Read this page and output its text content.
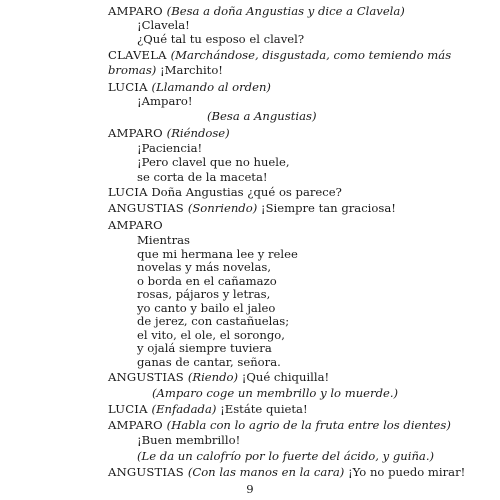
AMPARO (Besa a doña Angustias y dice a Clavela)
¡Clavela!
¿Qué tal tu esposo el clavel?
CLAVELA (Marchándose, disgustada, como temiendo más
bromas) ¡Marchito!
LUCIA (Llamando al orden)
¡Amparo!
(Besa a Angustias)
AMPARO (Riéndose)
¡Paciencia!
¡Pero clavel que no huele,
se corta de la maceta!
LUCIA Doña Angustias ¿qué os parece?
ANGUSTIAS (Sonriendo) ¡Siempre tan graciosa!
AMPARO
Mientras
que mi hermana lee y relee
novelas y más novelas,
o borda en el cañamazo
rosas, pájaros y letras,
yo canto y bailo el jaleo
de jerez, con castañuelas;
el vito, el ole, el sorongo,
y ojalá siempre tuviera
ganas de cantar, señora.
ANGUSTIAS (Riendo) ¡Qué chiquilla!
(Amparo coge un membrillo y lo muerde.)
LUCIA (Enfadada) ¡Estáte quieta!
AMPARO (Habla con lo agrio de la fruta entre los dientes)
¡Buen membrillo!
(Le da un calofrío por lo fuerte del ácido, y guiña.)
ANGUSTIAS (Con las manos en la cara) ¡Yo no puedo mirar!
9
